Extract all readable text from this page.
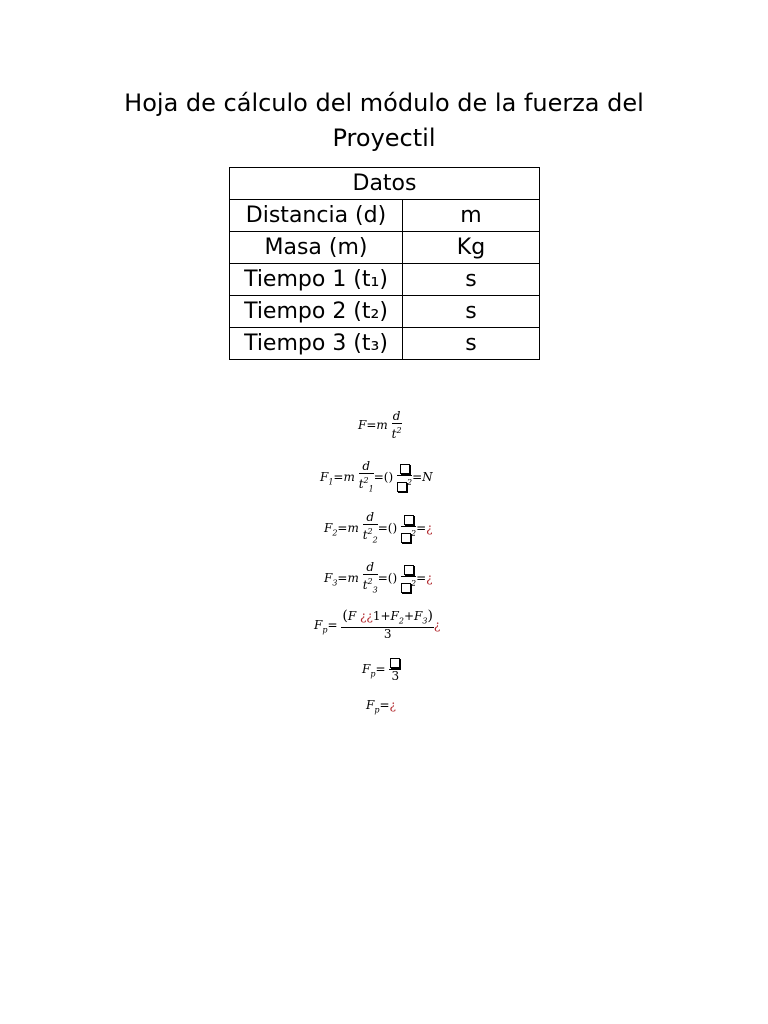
Hoja de cálculo del módulo de la fuerza del
Proyectil
Datos	
Distancia (d)	m
Masa (m)	Kg
Tiempo 1 (t₁)	s
Tiempo 2 (t₂)	s
Tiempo 3 (t₃)	s
$F=m \frac{d}{t^2}$
$F_1=m \frac{d}{t^2_1}$ =()	$^2$ =N
$F_2=m \frac{d}{t^2_2}$ =()	$^2$ =¿
$F_3=m \frac{d}{t^2_3}$ =()	$^2$ =¿
$F_p= \frac{(F ¿¿1+F_2+F_3)}{3}$ ¿
$F_p= 3$
$F_p=¿$
